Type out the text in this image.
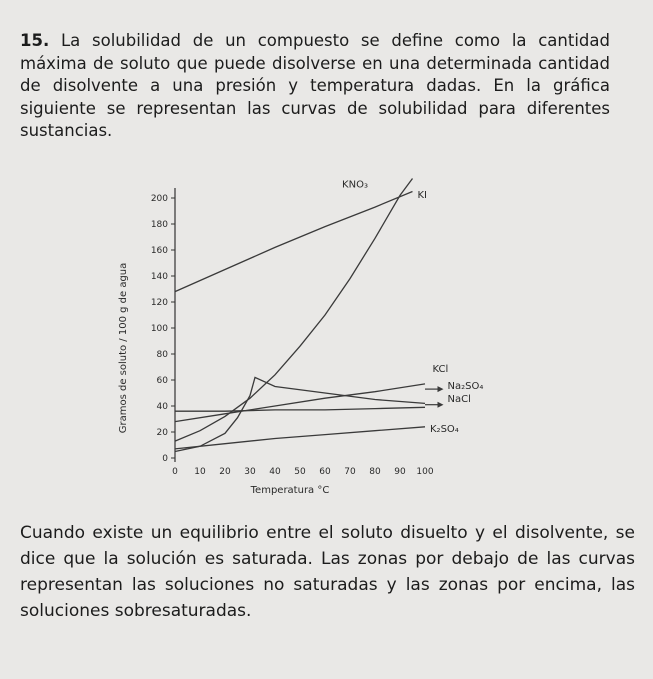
15. La solubilidad de un compuesto se define como la cantidad máxima de soluto que puede disolverse en una determinada cantidad de disolvente a una presión y temperatura dadas. En la gráfica siguiente se representan las curvas de solubilidad para diferentes sustancias.

0
20
40
60
80
100
120
140
160
180
200
0 10 20 30 40 50 60 70 80 90 100
KNO₃
KI
KCl
Na₂SO₄
NaCl
K₂SO₄
Temperatura °C
Gramos de soluto / 100 g de agua

Cuando existe un equilibrio entre el soluto disuelto y el disolvente, se dice que la solución es saturada. Las zonas por debajo de las curvas representan las soluciones no saturadas y las zonas por encima, las soluciones sobresaturadas.
